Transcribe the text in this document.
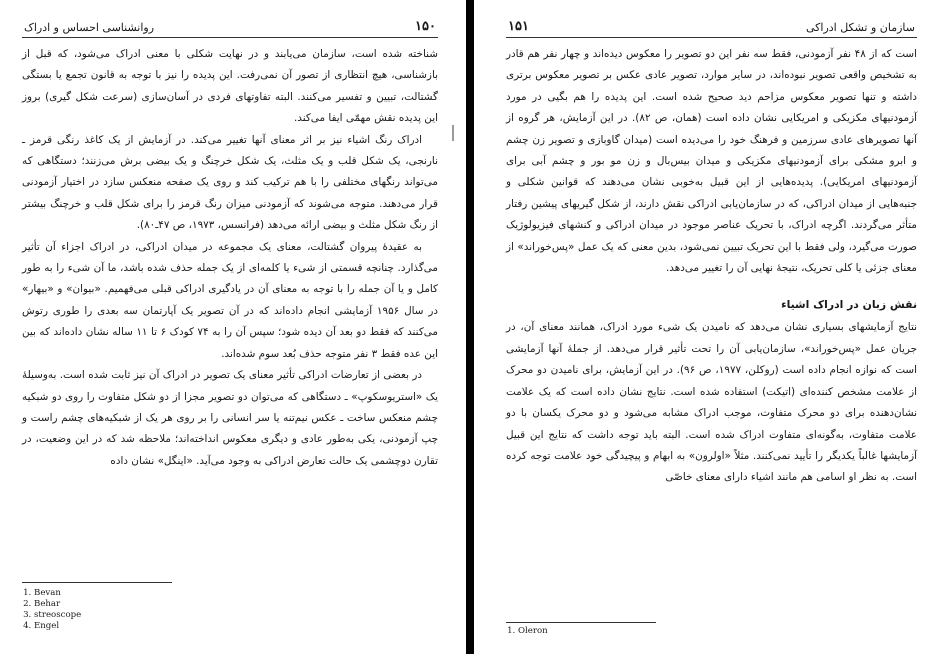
۱۵۰
روانشناسی احساس و ادراک

شناخته شده است، سازمان می‌یابند و در نهایت شکلی با معنی ادراک می‌شود، که قبل از بازشناسی، هیچ انتظاری از تصور آن نمی‌رفت. این پدیده را نیز با توجه به قانون تجمع یا بستگی گشتالت، تبیین و تفسیر می‌کنند. البته تفاوتهای فردی در آسان‌سازی (سرعت شکل گیری) بروز این پدیده نقش مهمّی ایفا می‌کند.

ادراک رنگ اشیاء نیز بر اثر معنای آنها تغییر می‌کند. در آزمایش از یک کاغذ رنگی قرمز ـ نارنجی، یک شکل قلب و یک مثلث، یک شکل خرچنگ و یک بیضی برش می‌زنند؛ دستگاهی که می‌تواند رنگهای مختلفی را با هم ترکیب کند و روی یک صفحه منعکس سازد در اختیار آزمودنی قرار می‌دهند. متوجه می‌شوند که آزمودنی میزان رنگ قرمز را برای شکل قلب و خرچنگ بیشتر از رنگ شکل مثلث و بیضی ارائه می‌دهد (فرانسس، ۱۹۷۳، ص ۴۷ـ۸۰).

به عقیدهٔ پیروان گشتالت، معنای یک مجموعه در میدان ادراکی، در ادراک اجزاء آن تأثیر می‌گذارد. چنانچه قسمتی از شیء یا کلمه‌ای از یک جمله حذف شده باشد، ما آن شیء را به طور کامل و یا آن جمله را با توجه به معنای آن در یادگیری ادراکی قبلی می‌فهمیم. «بیوان» و «بیهار» در سال ۱۹۵۶ آزمایشی انجام داده‌اند که در آن تصویر یک آپارتمان سه بعدی را طوری رتوش می‌کنند که فقط دو بعد آن دیده شود؛ سپس آن را به ۷۴ کودک ۶ تا ۱۱ ساله نشان داده‌اند که بین این عده فقط ۳ نفر متوجه حذف بُعد سوم شده‌اند.

در بعضی از تعارضات ادراکی تأثیر معنای یک تصویر در ادراک آن نیز ثابت شده است. به‌وسیلهٔ یک «استریوسکوپ» ـ دستگاهی که می‌توان دو تصویر مجزا از دو شکل متفاوت را روی دو شبکیه چشم منعکس ساخت ـ عکس نیم‌تنه یا سر انسانی را بر روی هر یک از شبکیه‌های چشم راست و چپ آزمودنی، یکی به‌طور عادی و دیگری معکوس انداخته‌اند؛ ملاحظه شد که در این وضعیت، در تقارن دوچشمی یک حالت تعارض ادراکی به وجود می‌آید. «اینگل» نشان داده

1. Bevan
2. Behar
3. streoscope
4. Engel
سازمان و تشکل ادراکی
۱۵۱

است که از ۴۸ نفر آزمودنی، فقط سه نفر این دو تصویر را معکوس دیده‌اند و چهار نفر هم قادر به تشخیص واقعی تصویر نبوده‌اند، در سایر موارد، تصویر عادی عکس بر تصویر معکوس برتری داشته و تنها تصویر معکوس مزاحم دید صحیح شده است. این پدیده را هم بگیی در مورد آزمودنیهای مکزیکی و امریکایی نشان داده است (همان، ص ۸۲). در این آزمایش، هر گروه از آنها تصویرهای عادی سرزمین و فرهنگ خود را می‌دیده است (میدان گاوبازی و تصویر زن چشم و ابرو مشکی برای آزمودنیهای مکزیکی و میدان بیس‌بال و زن مو بور و چشم آبی برای آزمودنیهای امریکایی). پدیده‌هایی از این قبیل به‌خوبی نشان می‌دهند که قوانین شکلی و جنبه‌هایی از میدان ادراکی، که در سازمان‌یابی ادراکی نقش دارند، از شکل گیریهای پیشین رفتار متأثر می‌گردند. اگرچه ادراک، با تحریک عناصر موجود در میدان ادراکی و کنشهای فیزیولوژیک صورت می‌گیرد، ولی فقط با این تحریک تبیین نمی‌شود، بدین معنی که یک عمل «پس‌خوراند» از معنای جزئی یا کلی تحریک، نتیجهٔ نهایی آن را تغییر می‌دهد.

نقش زبان در ادراک اشیاء

نتایج آزمایشهای بسیاری نشان می‌دهد که نامیدن یک شیء مورد ادراک، همانند معنای آن، در جریان عمل «پس‌خوراند»، سازمان‌یابی آن را تحت تأثیر قرار می‌دهد. از جملهٔ آنها آزمایشی است که نوازه انجام داده است (روکلن، ۱۹۷۷، ص ۹۶). در این آزمایش، برای نامیدن دو محرک از علامت مشخص کننده‌ای (اتیکت) استفاده شده است. نتایج نشان داده است که یک علامت نشان‌دهنده برای دو محرک متفاوت، موجب ادراک مشابه می‌شود و دو محرک یکسان با دو علامت متفاوت، به‌گونه‌ای متفاوت ادراک شده است. البته باید توجه داشت که نتایج این قبیل آزمایشها غالباً یکدیگر را تأیید نمی‌کنند. مثلاً «اولرون» به ابهام و پیچیدگی خود علامت توجه کرده است. به نظر او اسامی هم مانند اشیاء دارای معنای خاصّی

1. Oleron
